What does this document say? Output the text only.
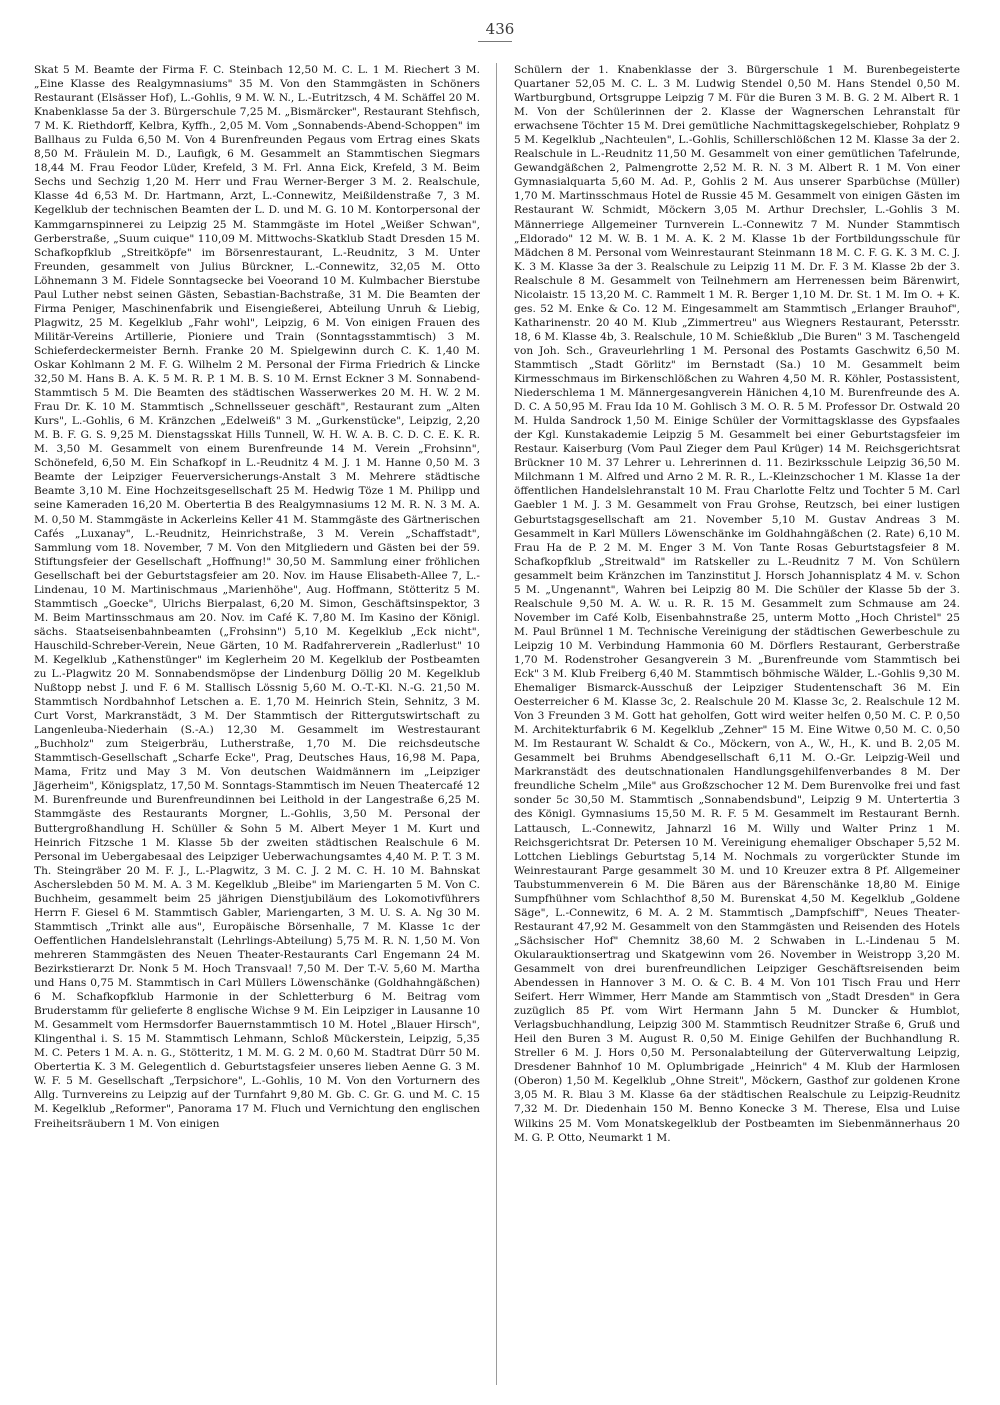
436
Skat 5 M. Beamte der Firma F. C. Steinbach 12,50 M. C. L. 1 M. Riechert 3 M. „Eine Klasse des Realgymnasiums" 35 M. Von den Stammgästen in Schöners Restaurant (Elsässer Hof), L.-Gohlis, 9 M. W. N., L.-Eutritzsch, 4 M. Schäffel 20 M. Knabenklasse 5a der 3. Bürgerschule 7,25 M. „Bismärcker", Restaurant Stehfisch, 7 M. K. Riethdorff, Kelbra, Kyffh., 2,05 M. Vom „Sonnabends-Abend-Schoppen" im Ballhaus zu Fulda 6,50 M. Von 4 Burenfreunden Pegaus vom Ertrag eines Skats 8,50 M. Fräulein M. D., Laufigk, 6 M. Gesammelt an Stammtischen Siegmars 18,44 M. Frau Feodor Lüder, Krefeld, 3 M. Frl. Anna Eick, Krefeld, 3 M. Beim Sechs und Sechzig 1,20 M. Herr und Frau Werner-Berger 3 M. 2. Realschule, Klasse 4d 6,53 M. Dr. Hartmann, Arzt, L.-Connewitz, Meißildenstraße 7, 3 M. Kegelklub der technischen Beamten der L. D. und M. G. 10 M. Kontorpersonal der Kammgarnspinnerei zu Leipzig 25 M. Stammgäste im Hotel „Weißer Schwan", Gerberstraße, „Suum cuique" 110,09 M. Mittwochs-Skatklub Stadt Dresden 15 M. Schafkopfklub „Streitköpfe" im Börsenrestaurant, L.-Reudnitz, 3 M. Unter Freunden, gesammelt von Julius Bürckner, L.-Connewitz, 32,05 M. Otto Löhnemann 3 M. Fidele Sonntagsecke bei Voeorand 10 M. Kulmbacher Bierstube Paul Luther nebst seinen Gästen, Sebastian-Bachstraße, 31 M. Die Beamten der Firma Peniger, Maschinenfabrik und Eisengießerei, Abteilung Unruh & Liebig, Plagwitz, 25 M. Kegelklub „Fahr wohl", Leipzig, 6 M. Von einigen Frauen des Militär-Vereins Artillerie, Pioniere und Train (Sonntagsstammtisch) 3 M. Schieferdeckermeister Bernh. Franke 20 M. Spielgewinn durch C. K. 1,40 M. Oskar Kohlmann 2 M. F. G. Wilhelm 2 M. Personal der Firma Friedrich & Lincke 32,50 M. Hans B. A. K. 5 M. R. P. 1 M. B. S. 10 M. Ernst Eckner 3 M. Sonnabend-Stammtisch 5 M. Die Beamten des städtischen Wasserwerkes 20 M. H. W. 2 M. Frau Dr. K. 10 M. Stammtisch „Schnellsseuer geschäft", Restaurant zum „Alten Kurs", L.-Gohlis, 6 M. Kränzchen „Edelweiß" 3 M. „Gurkenstücke", Leipzig, 2,20 M. B. F. G. S. 9,25 M. Dienstagsskat Hills Tunnell, W. H. W. A. B. C. D. C. E. K. R. M. 3,50 M. Gesammelt von einem Burenfreunde 14 M. Verein „Frohsinn", Schönefeld, 6,50 M. Ein Schafkopf in L.-Reudnitz 4 M. J. 1 M. Hanne 0,50 M. 3 Beamte der Leipziger Feuerversicherungs-Anstalt 3 M. Mehrere städtische Beamte 3,10 M. Eine Hochzeitsgesellschaft 25 M. Hedwig Töze 1 M. Philipp und seine Kameraden 16,20 M. Obertertia B des Realgymnasiums 12 M. R. N. 3 M. A. M. 0,50 M. Stammgäste in Ackerleins Keller 41 M. Stammgäste des Gärtnerischen Cafés „Luxanay", L.-Reudnitz, Heinrichstraße, 3 M. Verein „Schaffstadt", Sammlung vom 18. November, 7 M. Von den Mitgliedern und Gästen bei der 59. Stiftungsfeier der Gesellschaft „Hoffnung!" 30,50 M. Sammlung einer fröhlichen Gesellschaft bei der Geburtstagsfeier am 20. Nov. im Hause Elisabeth-Allee 7, L.-Lindenau, 10 M. Martinischmaus „Marienhöhe", Aug. Hoffmann, Stötteritz 5 M. Stammtisch „Goecke", Ulrichs Bierpalast, 6,20 M. Simon, Geschäftsinspektor, 3 M. Beim Martinsschmaus am 20. Nov. im Café K. 7,80 M. Im Kasino der Königl. sächs. Staatseisenbahnbeamten („Frohsinn") 5,10 M. Kegelklub „Eck nicht", Hauschild-Schreber-Verein, Neue Gärten, 10 M. Radfahrerverein „Radlerlust" 10 M. Kegelklub „Kathenstünger" im Keglerheim 20 M. Kegelklub der Postbeamten zu L.-Plagwitz 20 M. Sonnabendsmöpse der Lindenburg Döllig 20 M. Kegelklub Nußtopp nebst J. und F. 6 M. Stallisch Lössnig 5,60 M. O.-T.-Kl. N.-G. 21,50 M. Stammtisch Nordbahnhof Letschen a. E. 1,70 M. Heinrich Stein, Sehnitz, 3 M. Curt Vorst, Markranstädt, 3 M. Der Stammtisch der Rittergutswirtschaft zu Langenleuba-Niederhain (S.-A.) 12,30 M. Gesammelt im Westrestaurant „Buchholz" zum Steigerbräu, Lutherstraße, 1,70 M. Die reichsdeutsche Stammtisch-Gesellschaft „Scharfe Ecke", Prag, Deutsches Haus, 16,98 M. Papa, Mama, Fritz und May 3 M. Von deutschen Waidmännern im „Leipziger Jägerheim", Königsplatz, 17,50 M. Sonntags-Stammtisch im Neuen Theatercafé 12 M. Burenfreunde und Burenfreundinnen bei Leithold in der Langestraße 6,25 M. Stammgäste des Restaurants Morgner, L.-Gohlis, 3,50 M. Personal der Buttergroßhandlung H. Schüller & Sohn 5 M. Albert Meyer 1 M. Kurt und Heinrich Fitzsche 1 M. Klasse 5b der zweiten städtischen Realschule 6 M. Personal im Uebergabesaal des Leipziger Ueberwachungsamtes 4,40 M. P. T. 3 M. Th. Steingräber 20 M. F. J., L.-Plagwitz, 3 M. C. J. 2 M. C. H. 10 M. Bahnskat Ascherslebden 50 M. M. A. 3 M. Kegelklub „Bleibe" im Mariengarten 5 M. Von C. Buchheim, gesammelt beim 25 jährigen Dienstjubiläum des Lokomotivführers Herrn F. Giesel 6 M. Stammtisch Gabler, Mariengarten, 3 M. U. S. A. Ng 30 M. Stammtisch „Trinkt alle aus", Europäische Börsenhalle, 7 M. Klasse 1c der Oeffentlichen Handelslehranstalt (Lehrlings-Abteilung) 5,75 M. R. N. 1,50 M. Von mehreren Stammgästen des Neuen Theater-Restaurants Carl Engemann 24 M. Bezirkstierarzt Dr. Nonk 5 M. Hoch Transvaal! 7,50 M. Der T.-V. 5,60 M. Martha und Hans 0,75 M. Stammtisch in Carl Müllers Löwenschänke (Goldhahngäßchen) 6 M. Schafkopfklub Harmonie in der Schletterburg 6 M. Beitrag vom Bruderstamm für gelieferte 8 englische Wichse 9 M. Ein Leipziger in Lausanne 10 M. Gesammelt vom Hermsdorfer Bauernstammtisch 10 M. Hotel „Blauer Hirsch", Klingenthal i. S. 15 M. Stammtisch Lehmann, Schloß Mückerstein, Leipzig, 5,35 M. C. Peters 1 M. A. n. G., Stötteritz, 1 M. M. G. 2 M. 0,60 M. Stadtrat Dürr 50 M. Obertertia K. 3 M. Gelegentlich d. Geburtstagsfeier unseres lieben Aenne G. 3 M. W. F. 5 M. Gesellschaft „Terpsichore", L.-Gohlis, 10 M. Von den Vorturnern des Allg. Turnvereins zu Leipzig auf der Turnfahrt 9,80 M. Gb. C. Gr. G. und M. C. 15 M. Kegelklub „Reformer", Panorama 17 M. Fluch und Vernichtung den englischen Freiheitsräubern 1 M. Von einigen
Schülern der 1. Knabenklasse der 3. Bürgerschule 1 M. Burenbegeisterte Quartaner 52,05 M. C. L. 3 M. Ludwig Stendel 0,50 M. Hans Stendel 0,50 M. Wartburgbund, Ortsgruppe Leipzig 7 M. Für die Buren 3 M. B. G. 2 M. Albert R. 1 M. Von der Schülerinnen der 2. Klasse der Wagnerschen Lehranstalt für erwachsene Töchter 15 M. Drei gemütliche Nachmittagskegelschieber, Rohplatz 9 5 M. Kegelklub „Nachteulen", L.-Gohlis, Schillerschlößchen 12 M. Klasse 3a der 2. Realschule in L.-Reudnitz 11,50 M. Gesammelt von einer gemütlichen Tafelrunde, Gewandgäßchen 2, Palmengrotte 2,52 M. R. N. 3 M. Albert R. 1 M. Von einer Gymnasialquarta 5,60 M. Ad. P., Gohlis 2 M. Aus unserer Sparbüchse (Müller) 1,70 M. Martinsschmaus Hotel de Russie 45 M. Gesammelt von einigen Gästen im Restaurant W. Schmidt, Möckern 3,05 M. Arthur Drechsler, L.-Gohlis 3 M. Männerriege Allgemeiner Turnverein L.-Connewitz 7 M. Nunder Stammtisch „Eldorado" 12 M. W. B. 1 M. A. K. 2 M. Klasse 1b der Fortbildungsschule für Mädchen 8 M. Personal vom Weinrestaurant Steinmann 18 M. C. F. G. K. 3 M. C. J. K. 3 M. Klasse 3a der 3. Realschule zu Leipzig 11 M. Dr. F. 3 M. Klasse 2b der 3. Realschule 8 M. Gesammelt von Teilnehmern am Herrenessen beim Bärenwirt, Nicolaistr. 15 13,20 M. C. Rammelt 1 M. R. Berger 1,10 M. Dr. St. 1 M. Im O. + K. ges. 52 M. Enke & Co. 12 M. Eingesammelt am Stammtisch „Erlanger Brauhof", Katharinenstr. 20 40 M. Klub „Zimmertreu" aus Wiegners Restaurant, Petersstr. 18, 6 M. Klasse 4b, 3. Realschule, 10 M. Schießklub „Die Buren" 3 M. Taschengeld von Joh. Sch., Graveurlehrling 1 M. Personal des Postamts Gaschwitz 6,50 M. Stammtisch „Stadt Görlitz" im Bernstadt (Sa.) 10 M. Gesammelt beim Kirmesschmaus im Birkenschlößchen zu Wahren 4,50 M. R. Köhler, Postassistent, Niederschlema 1 M. Männergesangverein Hänichen 4,10 M. Burenfreunde des A. D. C. A 50,95 M. Frau Ida 10 M. Gohlisch 3 M. O. R. 5 M. Professor Dr. Ostwald 20 M. Hulda Sandrock 1,50 M. Einige Schüler der Vormittagsklasse des Gypsfaales der Kgl. Kunstakademie Leipzig 5 M. Gesammelt bei einer Geburtstagsfeier im Restaur. Kaiserburg (Vom Paul Zieger dem Paul Krüger) 14 M. Reichsgerichtsrat Brückner 10 M. 37 Lehrer u. Lehrerinnen d. 11. Bezirksschule Leipzig 36,50 M. Milchmann 1 M. Alfred und Arno 2 M. R. R., L.-Kleinzschocher 1 M. Klasse 1a der öffentlichen Handelslehranstalt 10 M. Frau Charlotte Feltz und Tochter 5 M. Carl Gaebler 1 M. J. 3 M. Gesammelt von Frau Grohse, Reutzsch, bei einer lustigen Geburtstagsgesellschaft am 21. November 5,10 M. Gustav Andreas 3 M. Gesammelt in Karl Müllers Löwenschänke im Goldhahngäßchen (2. Rate) 6,10 M. Frau Ha de P. 2 M. M. Enger 3 M. Von Tante Rosas Geburtstagsfeier 8 M. Schafkopfklub „Streitwald" im Ratskeller zu L.-Reudnitz 7 M. Von Schülern gesammelt beim Kränzchen im Tanzinstitut J. Horsch Johannisplatz 4 M. v. Schon 5 M. „Ungenannt", Wahren bei Leipzig 80 M. Die Schüler der Klasse 5b der 3. Realschule 9,50 M. A. W. u. R. R. 15 M. Gesammelt zum Schmause am 24. November im Café Kolb, Eisenbahnstraße 25, unterm Motto „Hoch Christel" 25 M. Paul Brünnel 1 M. Technische Vereinigung der städtischen Gewerbeschule zu Leipzig 10 M. Verbindung Hammonia 60 M. Dörflers Restaurant, Gerberstraße 1,70 M. Rodenstroher Gesangverein 3 M. „Burenfreunde vom Stammtisch bei Eck" 3 M. Klub Freiberg 6,40 M. Stammtisch böhmische Wälder, L.-Gohlis 9,30 M. Ehemaliger Bismarck-Ausschuß der Leipziger Studentenschaft 36 M. Ein Oesterreicher 6 M. Klasse 3c, 2. Realschule 20 M. Klasse 3c, 2. Realschule 12 M. Von 3 Freunden 3 M. Gott hat geholfen, Gott wird weiter helfen 0,50 M. C. P. 0,50 M. Architekturfabrik 6 M. Kegelklub „Zehner" 15 M. Eine Witwe 0,50 M. C. 0,50 M. Im Restaurant W. Schaldt & Co., Möckern, von A., W., H., K. und B. 2,05 M. Gesammelt bei Bruhms Abendgesellschaft 6,11 M. O.-Gr. Leipzig-Weil und Markranstädt des deutschnationalen Handlungsgehilfenverbandes 8 M. Der freundliche Schelm „Mile" aus Großzschocher 12 M. Dem Burenvolke frei und fast sonder 5c 30,50 M. Stammtisch „Sonnabendsbund", Leipzig 9 M. Untertertia 3 des Königl. Gymnasiums 15,50 M. R. F. 5 M. Gesammelt im Restaurant Bernh. Lattausch, L.-Connewitz, Jahnarzl 16 M. Willy und Walter Prinz 1 M. Reichsgerichtsrat Dr. Petersen 10 M. Vereinigung ehemaliger Obschaper 5,52 M. Lottchen Lieblings Geburtstag 5,14 M. Nochmals zu vorgerückter Stunde im Weinrestaurant Parge gesammelt 30 M. und 10 Kreuzer extra 8 Pf. Allgemeiner Taubstummenverein 6 M. Die Bären aus der Bärenschänke 18,80 M. Einige Sumpfhühner vom Schlachthof 8,50 M. Burenskat 4,50 M. Kegelklub „Goldene Säge", L.-Connewitz, 6 M. A. 2 M. Stammtisch „Dampfschiff", Neues Theater-Restaurant 47,92 M. Gesammelt von den Stammgästen und Reisenden des Hotels „Sächsischer Hof" Chemnitz 38,60 M. 2 Schwaben in L.-Lindenau 5 M. Okularauktionsertrag und Skatgewinn vom 26. November in Weistropp 3,20 M. Gesammelt von drei burenfreundlichen Leipziger Geschäftsreisenden beim Abendessen in Hannover 3 M. O. & C. B. 4 M. Von 101 Tisch Frau und Herr Seifert. Herr Wimmer, Herr Mande am Stammtisch von „Stadt Dresden" in Gera zuzüglich 85 Pf. vom Wirt Hermann Jahn 5 M. Duncker & Humblot, Verlagsbuchhandlung, Leipzig 300 M. Stammtisch Reudnitzer Straße 6, Gruß und Heil den Buren 3 M. August R. 0,50 M. Einige Gehilfen der Buchhandlung R. Streller 6 M. J. Hors 0,50 M. Personalabteilung der Güterverwaltung Leipzig, Dresdener Bahnhof 10 M. Oplumbrigade „Heinrich" 4 M. Klub der Harmlosen (Oberon) 1,50 M. Kegelklub „Ohne Streit", Möckern, Gasthof zur goldenen Krone 3,05 M. R. Blau 3 M. Klasse 6a der städtischen Realschule zu Leipzig-Reudnitz 7,32 M. Dr. Diedenhain 150 M. Benno Konecke 3 M. Therese, Elsa und Luise Wilkins 25 M. Vom Monatskegelklub der Postbeamten im Siebenmännerhaus 20 M. G. P. Otto, Neumarkt 1 M.
